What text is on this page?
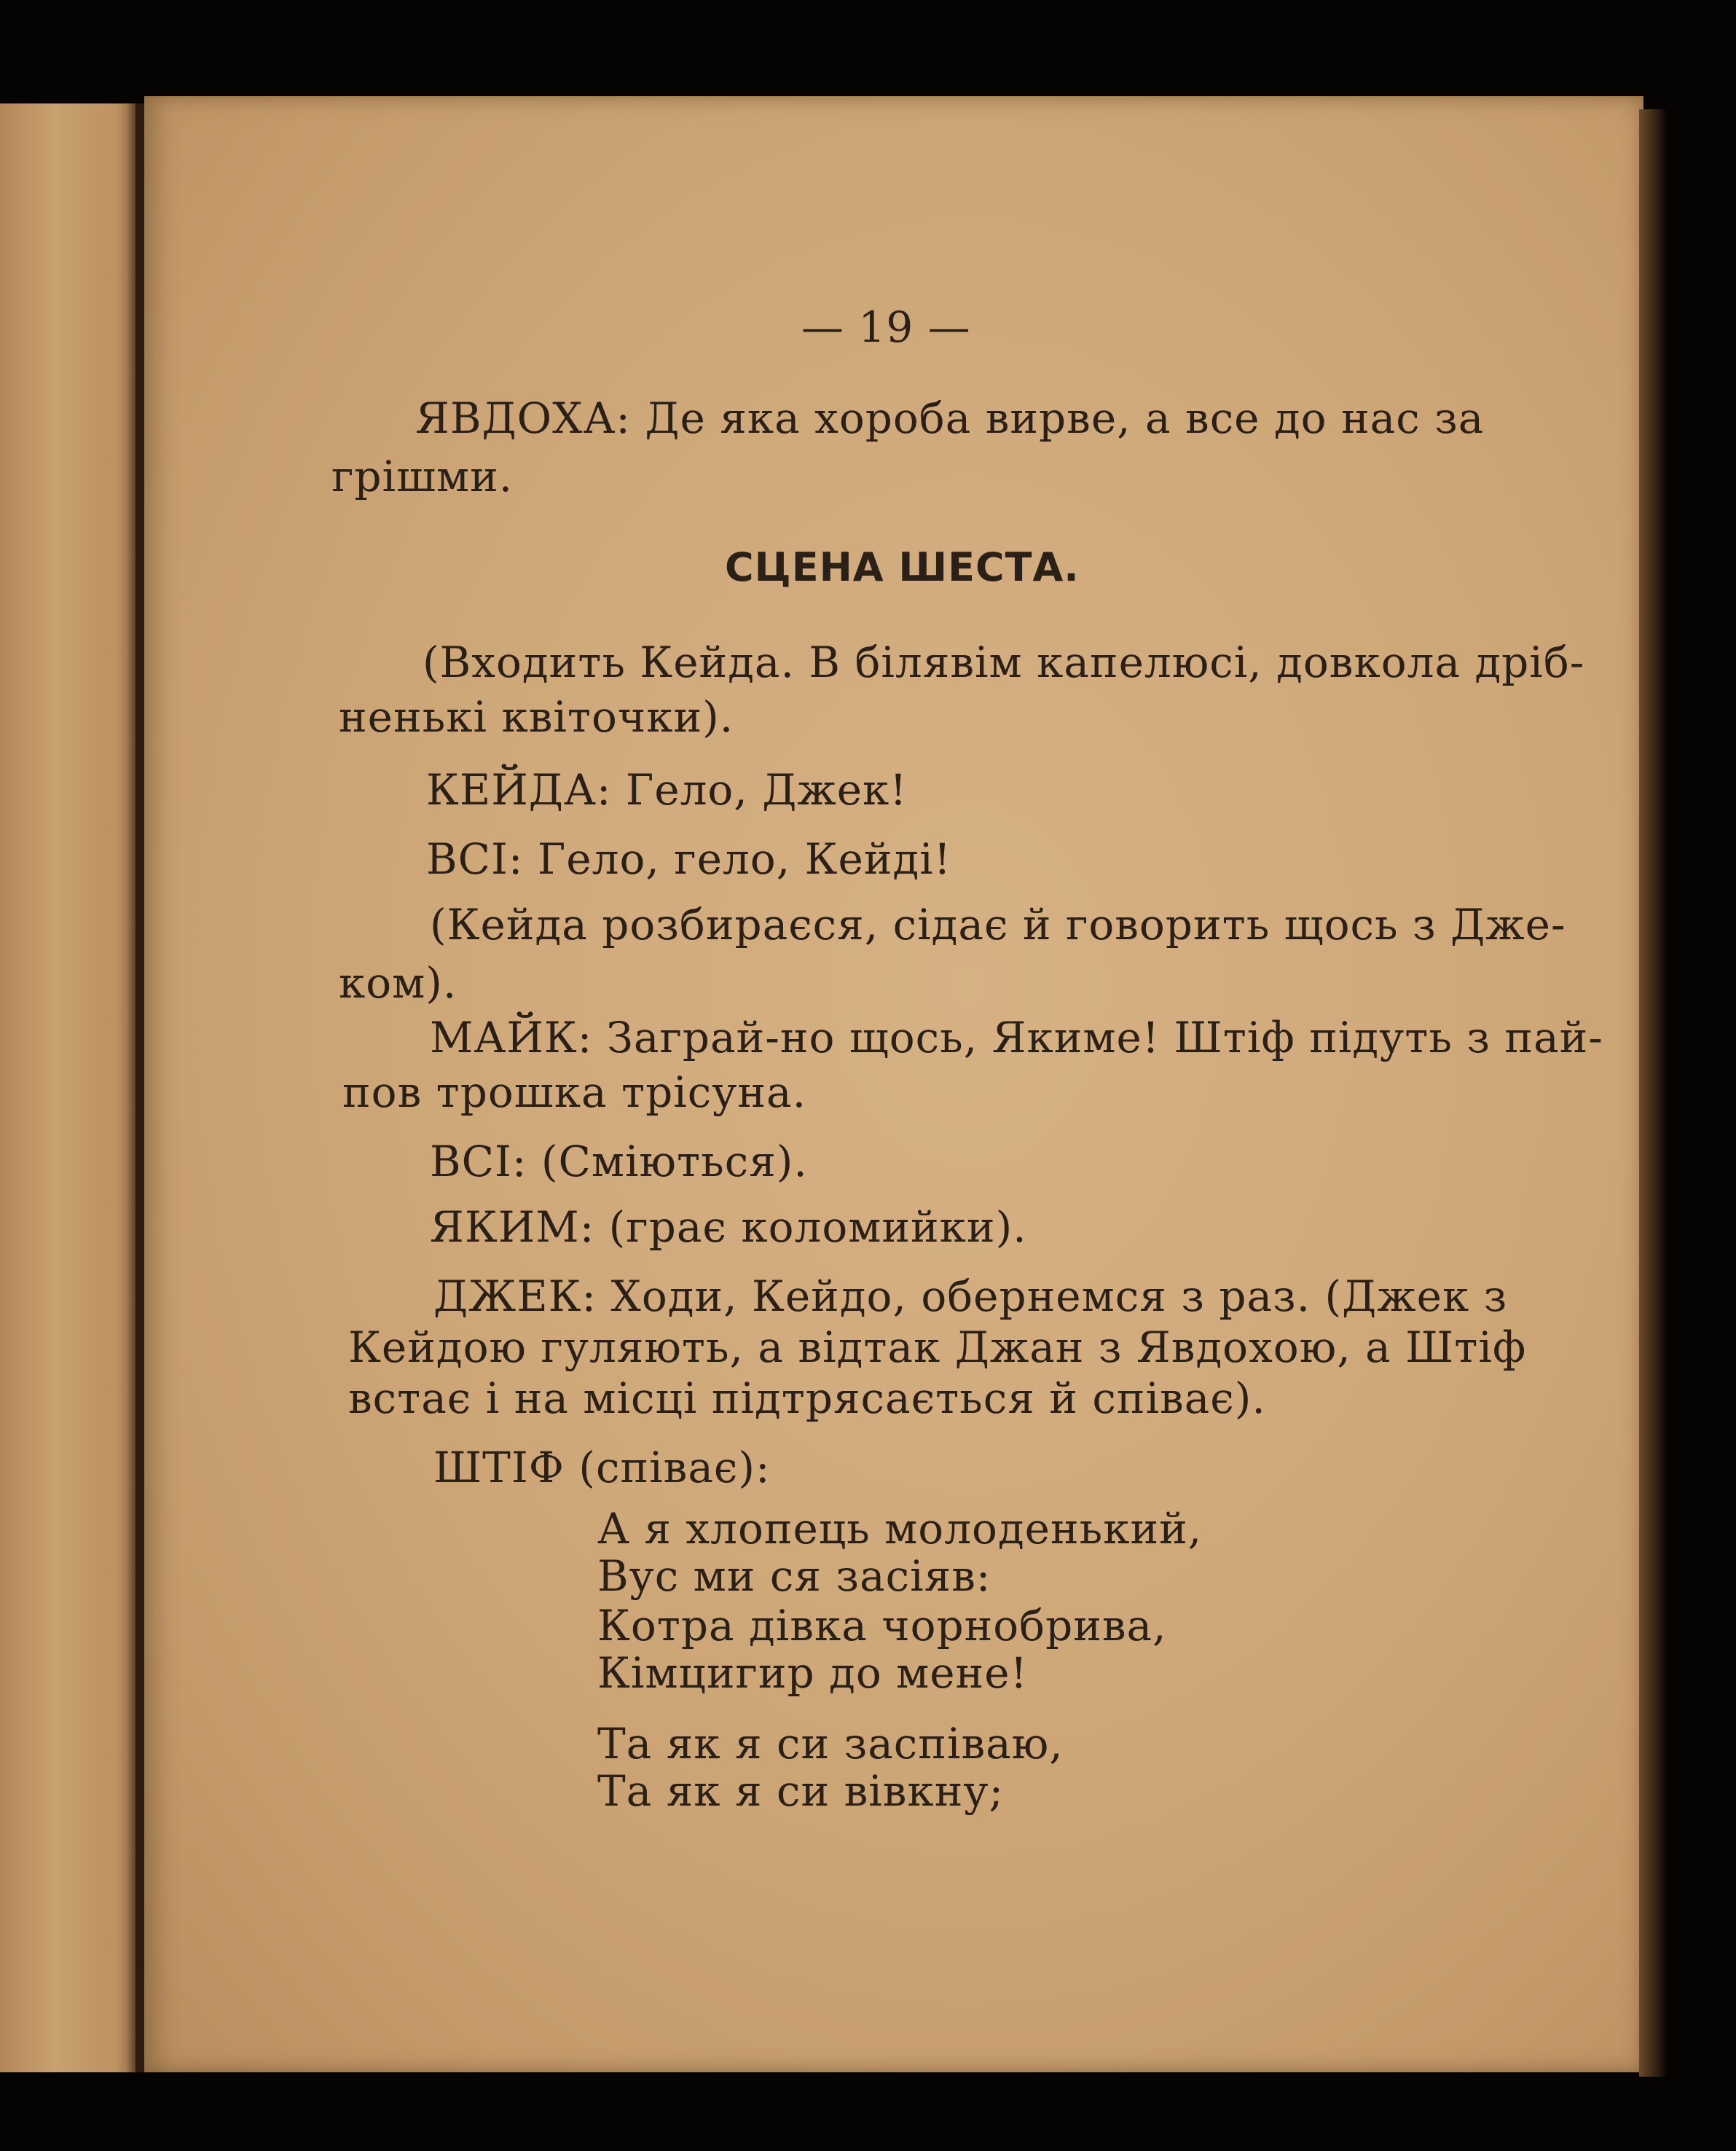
— 19 —
ЯВДОХА: Де яка хороба вирве, а все до нас за
грішми.
СЦЕНА ШЕСТА.
(Входить Кейда. В білявім капелюсі, довкола дріб-
ненькі квіточки).
КЕЙДА: Гело, Джек!
ВСІ: Гело, гело, Кейді!
(Кейда розбираєся, сідає й говорить щось з Дже-
ком).
МАЙК: Заграй-но щось, Якиме! Штіф підуть з пай-
пов трошка трісуна.
ВСІ: (Сміються).
ЯКИМ: (грає коломийки).
ДЖЕК: Ходи, Кейдо, обернемся з раз. (Джек з
Кейдою гуляють, а відтак Джан з Явдохою, а Штіф
встає і на місці підтрясається й співає).
ШТІФ (співає):
А я хлопець молоденький,
Вус ми ся засіяв:
Котра дівка чорнобрива,
Кімцигир до мене!
Та як я си заспіваю,
Та як я си вівкну;
